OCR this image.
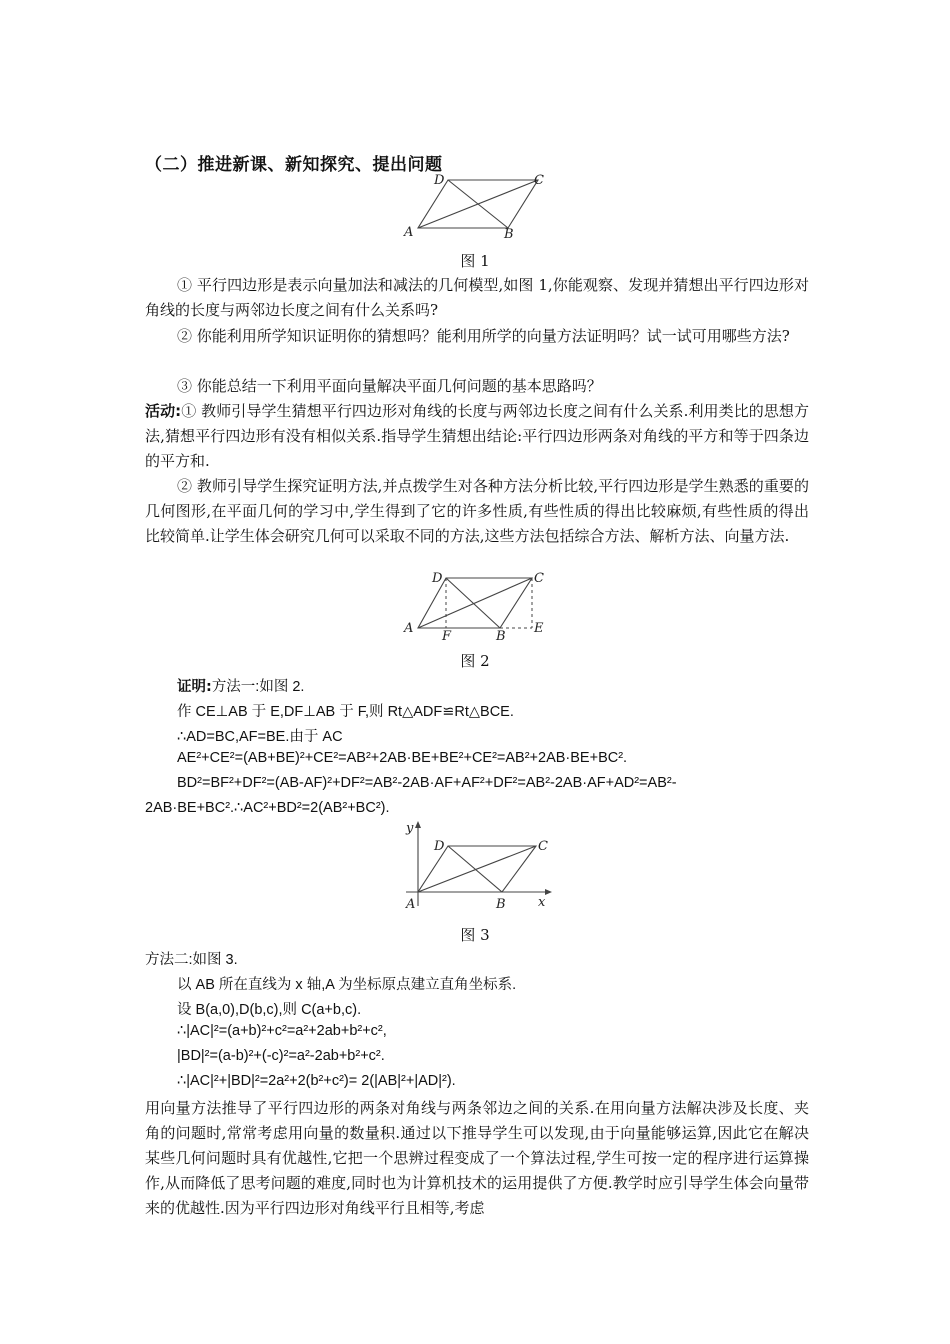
（二）推进新课、新知探究、提出问题
A	B
C
D
图 1
① 平行四边形是表示向量加法和减法的几何模型,如图 1,你能观察、发现并猜想出平行四边形对角线的长度与两邻边长度之间有什么关系吗?
② 你能利用所学知识证明你的猜想吗？能利用所学的向量方法证明吗？试一试可用哪些方法?
③ 你能总结一下利用平面向量解决平面几何问题的基本思路吗？
活动:① 教师引导学生猜想平行四边形对角线的长度与两邻边长度之间有什么关系.利用类比的思想方法,猜想平行四边形有没有相似关系.指导学生猜想出结论:平行四边形两条对角线的平方和等于四条边的平方和.
② 教师引导学生探究证明方法,并点拨学生对各种方法分析比较,平行四边形是学生熟悉的重要的几何图形,在平面几何的学习中,学生得到了它的许多性质,有些性质的得出比较麻烦,有些性质的得出比较简单.让学生体会研究几何可以采取不同的方法,这些方法包括综合方法、解析方法、向量方法.
A
B
C
D
E
F
图 2
证明:方法一:如图 2.
作 CE⊥AB 于 E,DF⊥AB 于 F,则 Rt△ADF≌Rt△BCE.
∴AD=BC,AF=BE.由于 AC
AE²+CE²=(AB+BE)²+CE²=AB²+2AB·BE+BE²+CE²=AB²+2AB·BE+BC².
BD²=BF²+DF²=(AB-AF)²+DF²=AB²-2AB·AF+AF²+DF²=AB²-2AB·AF+AD²=AB²-
2AB·BE+BC².∴AC²+BD²=2(AB²+BC²).
y
x
A	B
C
D
图 3
方法二:如图 3.
以 AB 所在直线为 x 轴,A 为坐标原点建立直角坐标系.
设 B(a,0),D(b,c),则 C(a+b,c).
∴|AC|²=(a+b)²+c²=a²+2ab+b²+c²,
|BD|²=(a-b)²+(-c)²=a²-2ab+b²+c².
∴|AC|²+|BD|²=2a²+2(b²+c²)= 2(|AB|²+|AD|²).
用向量方法推导了平行四边形的两条对角线与两条邻边之间的关系.在用向量方法解决涉及长度、夹角的问题时,常常考虑用向量的数量积.通过以下推导学生可以发现,由于向量能够运算,因此它在解决某些几何问题时具有优越性,它把一个思辨过程变成了一个算法过程,学生可按一定的程序进行运算操作,从而降低了思考问题的难度,同时也为计算机技术的运用提供了方便.教学时应引导学生体会向量带来的优越性.因为平行四边形对角线平行且相等,考虑
